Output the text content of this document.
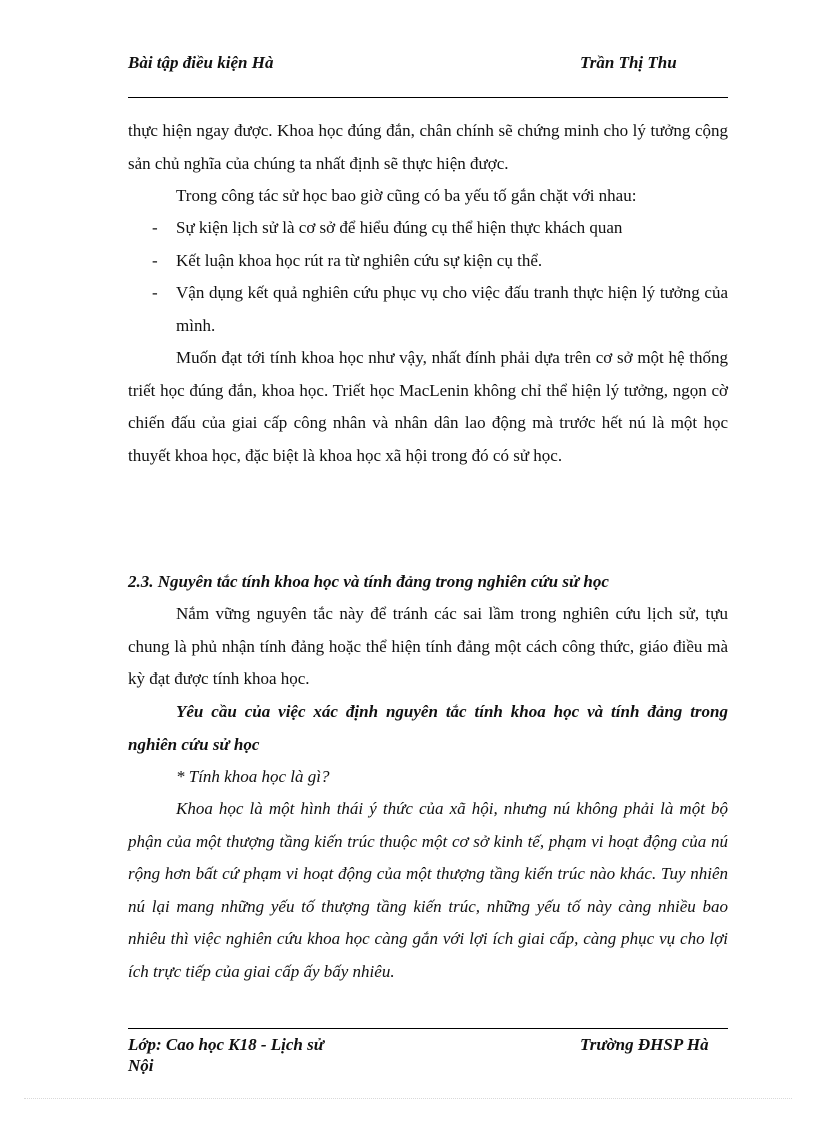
Bài tập điều kiện Hà	Trần Thị Thu

thực hiện ngay được. Khoa học đúng đắn, chân chính sẽ chứng minh cho lý tưởng cộng sản chủ nghĩa của chúng ta nhất định sẽ thực hiện được.

Trong công tác sử học bao giờ cũng có ba yếu tố gắn chặt với nhau:

- Sự kiện lịch sử là cơ sở để hiểu đúng cụ thể hiện thực khách quan
- Kết luận khoa học rút ra từ nghiên cứu sự kiện cụ thể.
- Vận dụng kết quả nghiên cứu phục vụ cho việc đấu tranh thực hiện lý tưởng của mình.

Muốn đạt tới tính khoa học như vậy, nhất đính phải dựa trên cơ sở một hệ thống triết học đúng đắn, khoa học. Triết học MacLenin không chỉ thể hiện lý tưởng, ngọn cờ chiến đấu của giai cấp công nhân và nhân dân lao động mà trước hết nú là một học thuyết khoa học, đặc biệt là khoa học xã hội trong đó có sử học.

2.3. Nguyên tắc tính khoa học và tính đảng trong nghiên cứu sử học

Nắm vững nguyên tắc này để tránh các sai lầm trong nghiên cứu lịch sử, tựu chung là phủ nhận tính đảng hoặc thể hiện tính đảng một cách công thức, giáo điều mà kỳ đạt được tính khoa học.

Yêu cầu của việc xác định nguyên tắc tính khoa học và tính đảng trong nghiên cứu sử học

* Tính khoa học là gì?

Khoa học là một hình thái ý thức của xã hội, nhưng nú không phải là một bộ phận của một thượng tầng kiến trúc thuộc một cơ sở kinh tế, phạm vi hoạt động của nú rộng hơn bất cứ phạm vi hoạt động của một thượng tầng kiến trúc nào khác. Tuy nhiên nú lại mang những yếu tố thượng tầng kiến trúc, những yếu tố này càng nhiều bao nhiêu thì việc nghiên cứu khoa học càng gắn với lợi ích giai cấp, càng phục vụ cho lợi ích trực tiếp của giai cấp ấy bấy nhiêu.

Lớp: Cao học K18 - Lịch sử Nội
Trường ĐHSP Hà
